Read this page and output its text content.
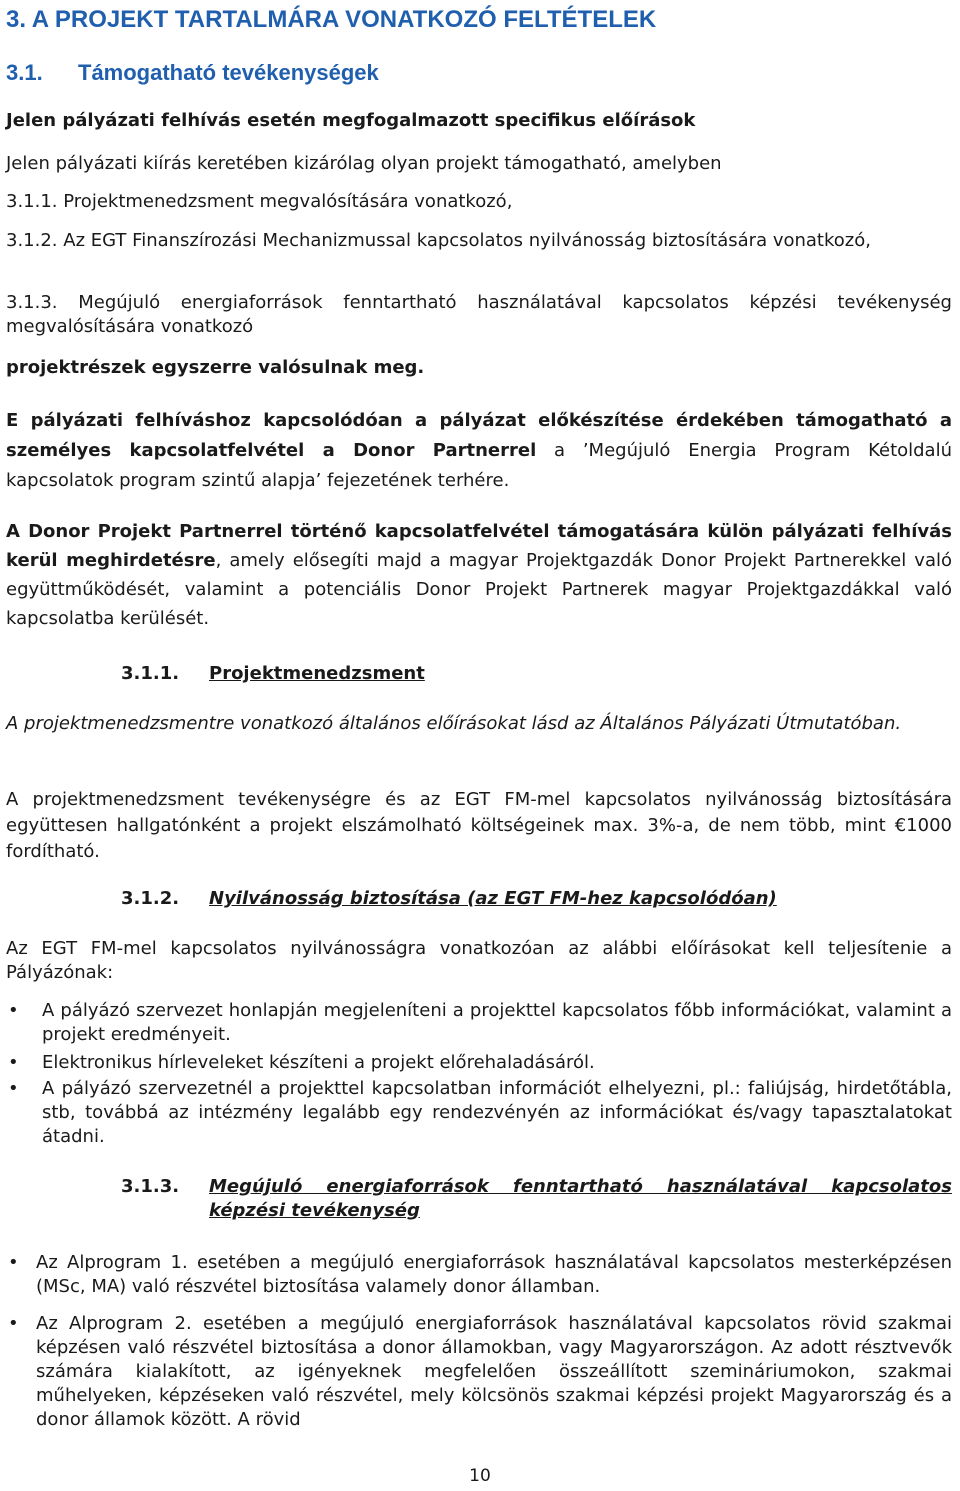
3. A PROJEKT TARTALMÁRA VONATKOZÓ FELTÉTELEK
3.1. Támogatható tevékenységek

Jelen pályázati felhívás esetén megfogalmazott specifikus előírások

Jelen pályázati kiírás keretében kizárólag olyan projekt támogatható, amelyben

3.1.1. Projektmenedzsment megvalósítására vonatkozó,

3.1.2. Az EGT Finanszírozási Mechanizmussal kapcsolatos nyilvánosság biztosítására vonatkozó,

3.1.3. Megújuló energiaforrások fenntartható használatával kapcsolatos képzési tevékenység megvalósítására vonatkozó

projektrészek egyszerre valósulnak meg.

E pályázati felhíváshoz kapcsolódóan a pályázat előkészítése érdekében támogatható a személyes kapcsolatfelvétel a Donor Partnerrel a ’Megújuló Energia Program Kétoldalú kapcsolatok program szintű alapja’ fejezetének terhére.

A Donor Projekt Partnerrel történő kapcsolatfelvétel támogatására külön pályázati felhívás kerül meghirdetésre, amely elősegíti majd a magyar Projektgazdák Donor Projekt Partnerekkel való együttműködését, valamint a potenciális Donor Projekt Partnerek magyar Projektgazdákkal való kapcsolatba kerülését.

3.1.1. Projektmenedzsment

A projektmenedzsmentre vonatkozó általános előírásokat lásd az Általános Pályázati Útmutatóban.

A projektmenedzsment tevékenységre és az EGT FM-mel kapcsolatos nyilvánosság biztosítására együttesen hallgatónként a projekt elszámolható költségeinek max. 3%-a, de nem több, mint €1000 fordítható.

3.1.2. Nyilvánosság biztosítása (az EGT FM-hez kapcsolódóan)

Az EGT FM-mel kapcsolatos nyilvánosságra vonatkozóan az alábbi előírásokat kell teljesítenie a Pályázónak:

• A pályázó szervezet honlapján megjeleníteni a projekttel kapcsolatos főbb információkat, valamint a projekt eredményeit.
• Elektronikus hírleveleket készíteni a projekt előrehaladásáról.
• A pályázó szervezetnél a projekttel kapcsolatban információt elhelyezni, pl.: faliújság, hirdetőtábla, stb, továbbá az intézmény legalább egy rendezvényén az információkat és/vagy tapasztalatokat átadni.
3.1.3. Megújuló energiaforrások fenntartható használatával kapcsolatos képzési tevékenység
• Az Alprogram 1. esetében a megújuló energiaforrások használatával kapcsolatos mesterképzésen (MSc, MA) való részvétel biztosítása valamely donor államban.
• Az Alprogram 2. esetében a megújuló energiaforrások használatával kapcsolatos rövid szakmai képzésen való részvétel biztosítása a donor államokban, vagy Magyarországon. Az adott résztvevők számára kialakított, az igényeknek megfelelően összeállított szemináriumokon, szakmai műhelyeken, képzéseken való részvétel, mely kölcsönös szakmai képzési projekt Magyarország és a donor államok között. A rövid
10
